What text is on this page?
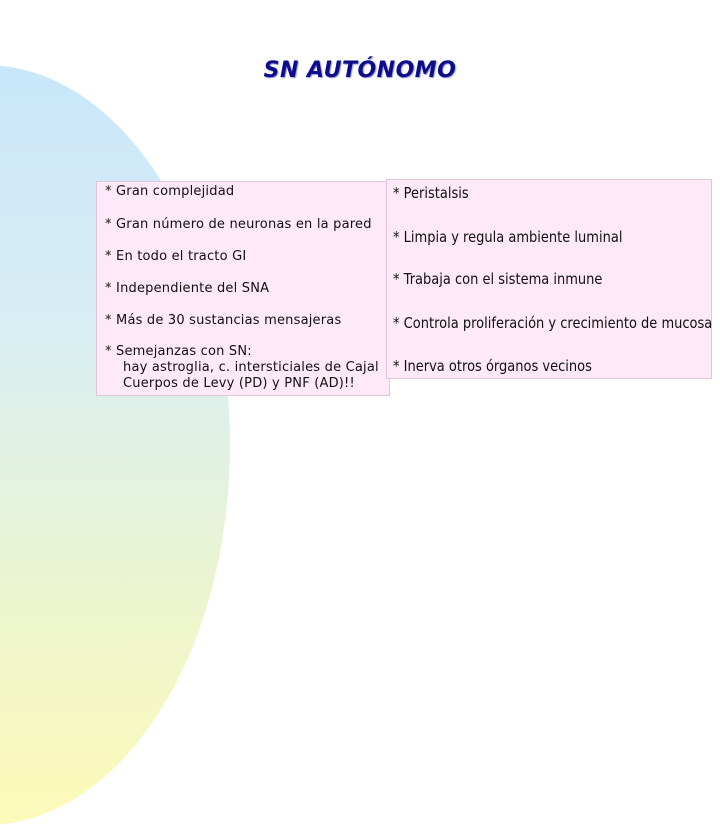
SN AUTÓNOMO
* Gran complejidad
* Gran número de neuronas en la pared
* En todo el tracto GI
* Independiente del SNA
* Más de 30 sustancias mensajeras
* Semejanzas con SN:
hay astroglia, c. intersticiales de Cajal
Cuerpos de Levy (PD) y PNF (AD)!!
* Peristalsis
* Limpia y regula ambiente luminal
* Trabaja con el sistema inmune
* Controla proliferación y crecimiento de mucosa
* Inerva otros órganos vecinos
